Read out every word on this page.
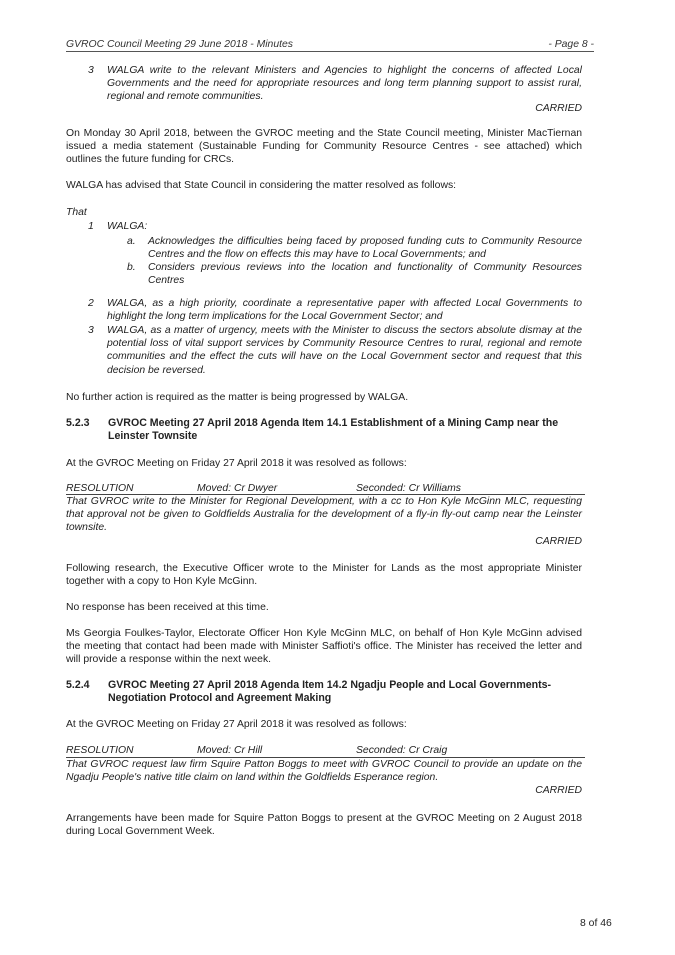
GVROC Council Meeting 29 June 2018 - Minutes	- Page 8 -
3	WALGA write to the relevant Ministers and Agencies to highlight the concerns of affected Local Governments and the need for appropriate resources and long term planning support to assist rural, regional and remote communities.

CARRIED

On Monday 30 April 2018, between the GVROC meeting and the State Council meeting, Minister MacTiernan issued a media statement (Sustainable Funding for Community Resource Centres - see attached) which outlines the future funding for CRCs.

WALGA has advised that State Council in considering the matter resolved as follows:

That
1	WALGA:

a.	Acknowledges the difficulties being faced by proposed funding cuts to Community Resource Centres and the flow on effects this may have to Local Governments; and

b.	Considers previous reviews into the location and functionality of Community Resources Centres

2	WALGA, as a high priority, coordinate a representative paper with affected Local Governments to highlight the long term implications for the Local Government Sector; and

3	WALGA, as a matter of urgency, meets with the Minister to discuss the sectors absolute dismay at the potential loss of vital support services by Community Resource Centres to rural, regional and remote communities and the effect the cuts will have on the Local Government sector and request that this decision be reversed.

No further action is required as the matter is being progressed by WALGA.

5.2.3 GVROC Meeting 27 April 2018 Agenda Item 14.1 Establishment of a Mining Camp near the Leinster Townsite

At the GVROC Meeting on Friday 27 April 2018 it was resolved as follows:

RESOLUTION	Moved: Cr Dwyer	Seconded: Cr Williams

That GVROC write to the Minister for Regional Development, with a cc to Hon Kyle McGinn MLC, requesting that approval not be given to Goldfields Australia for the development of a fly-in fly-out camp near the Leinster townsite.

CARRIED

Following research, the Executive Officer wrote to the Minister for Lands as the most appropriate Minister together with a copy to Hon Kyle McGinn.

No response has been received at this time.

Ms Georgia Foulkes-Taylor, Electorate Officer Hon Kyle McGinn MLC, on behalf of Hon Kyle McGinn advised the meeting that contact had been made with Minister Saffioti's office. The Minister has received the letter and will provide a response within the next week.

5.2.4 GVROC Meeting 27 April 2018 Agenda Item 14.2 Ngadju People and Local Governments- Negotiation Protocol and Agreement Making

At the GVROC Meeting on Friday 27 April 2018 it was resolved as follows:

RESOLUTION	Moved: Cr Hill	Seconded: Cr Craig

That GVROC request law firm Squire Patton Boggs to meet with GVROC Council to provide an update on the Ngadju People's native title claim on land within the Goldfields Esperance region.

CARRIED

Arrangements have been made for Squire Patton Boggs to present at the GVROC Meeting on 2 August 2018 during Local Government Week.

8 of 46
